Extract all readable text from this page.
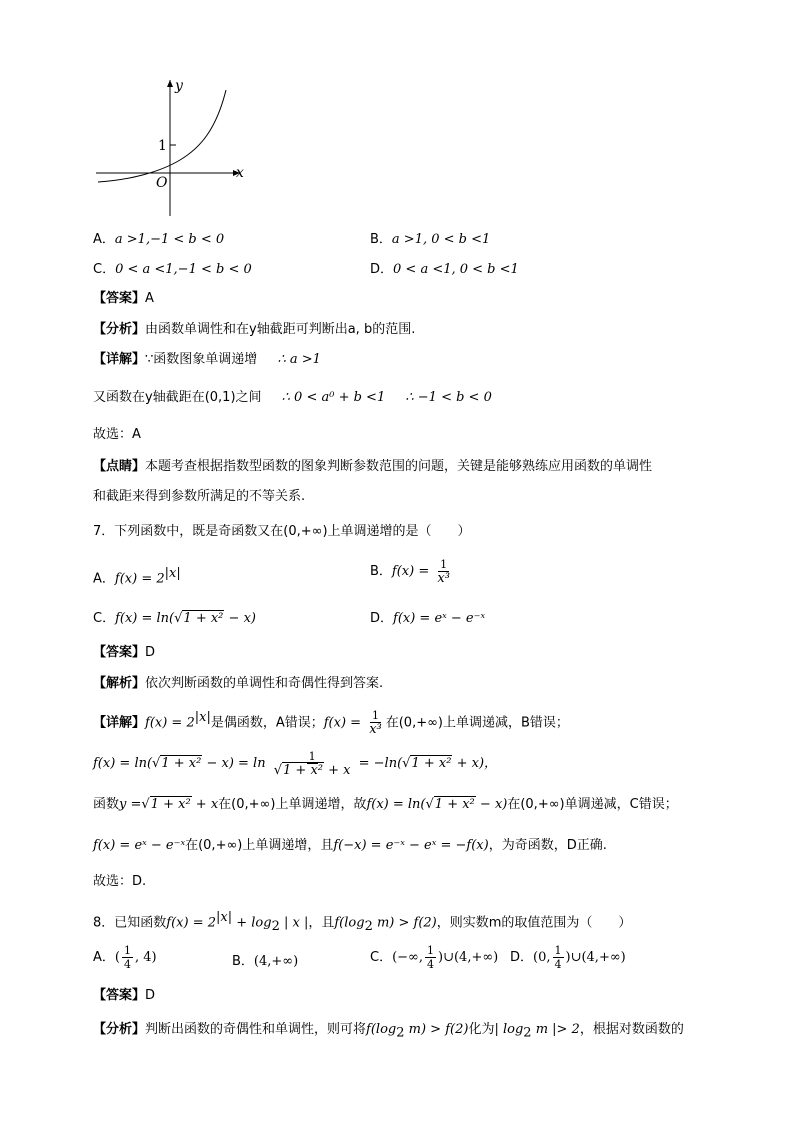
x
y
O
1
A．a >1,−1 < b < 0	B．a >1, 0 < b <1
C．0 < a <1,−1 < b < 0	D．0 < a <1, 0 < b <1
【答案】A
【分析】由函数单调性和在y轴截距可判断出a, b的范围.
【详解】∵函数图象单调递增 ∴ a >1
又函数在y轴截距在(0,1)之间 ∴ 0 < a⁰ + b <1 ∴ −1 < b < 0
故选：A
【点睛】本题考查根据指数型函数的图象判断参数范围的问题，关键是能够熟练应用函数的单调性
和截距来得到参数所满足的不等关系.
7．下列函数中，既是奇函数又在(0,+∞)上单调递增的是（　　）
A．$f(x) = 2^{|x|}$	B．$f(x) = \frac{1}{\text{x³}}$
C．f(x) = ln(√1 + x² − x)	D．f(x) = eˣ − e⁻ˣ
【答案】D
【解析】依次判断函数的单调性和奇偶性得到答案.
【详解】$f(x) = 2^{|x|}$是偶函数，A错误；$f(x) = \frac{1}{\text{x³}}$ 在(0,+∞)上单调递减，B错误；
$f(x) = \ln(√1 + x^2 - x) = \ln \frac{1}{\text{√1 + x² + x}} = -\ln(√1 + x^2 + x)$，
函数y =√1 + x² + x在(0,+∞)上单调递增，故f(x) = ln(√1 + x² − x)在(0,+∞)单调递减，C错误；
f(x) = eˣ − e⁻ˣ在(0,+∞)上单调递增，且f(−x) = e⁻ˣ − eˣ = −f(x)，为奇函数，D正确.
故选：D.
8．已知函数$f(x) = 2^{|x|} + \log_2$ | x |，且$f(\log_2$ m) > f(2)，则实数m的取值范围为（　　）
A．( $\frac{1}{4}$ , 4)	B．(4,+∞)	C．(−∞, $\frac{1}{4}$ )∪(4,+∞) D．(0, $\frac{1}{4}$ )∪(4,+∞)
【答案】D
【分析】判断出函数的奇偶性和单调性，则可将$f(\log_2$ m) > f(2)化为| $\log_2 m$ |> 2，根据对数函数的
